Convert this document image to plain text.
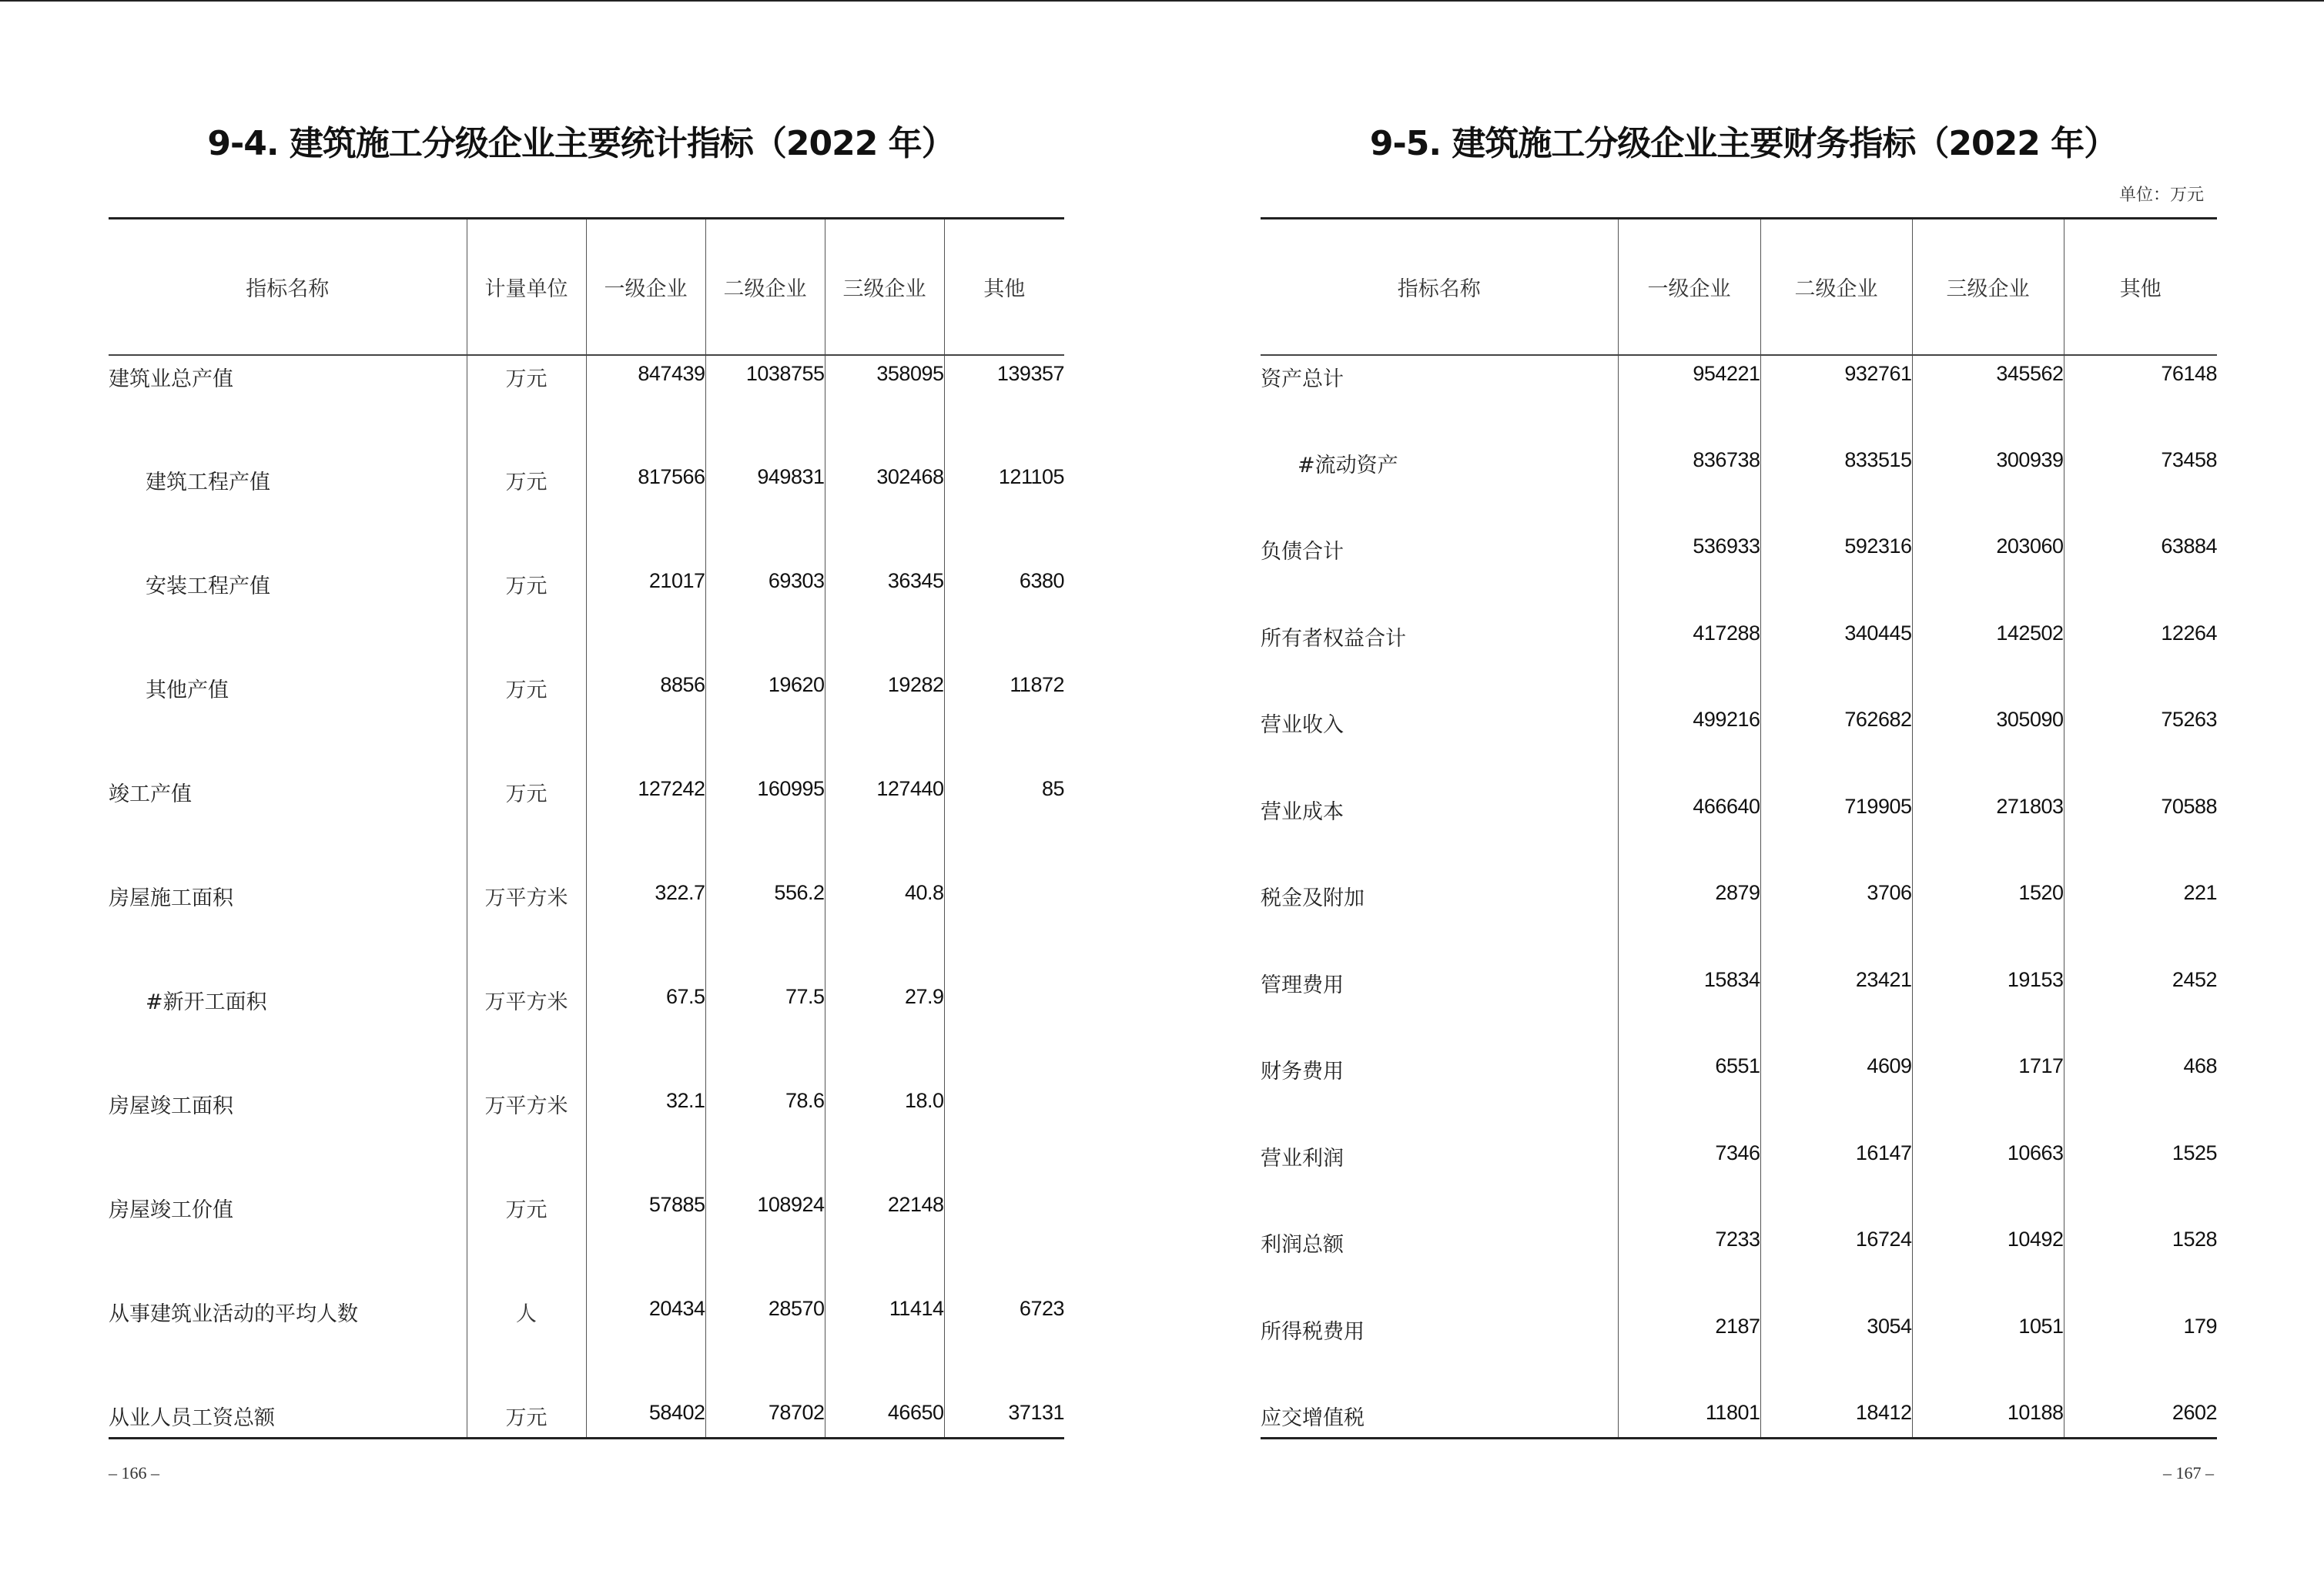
9-4. 建筑施工分级企业主要统计指标（2022 年）
指标名称	计量单位	一级企业	二级企业	三级企业	其他
建筑业总产值	万元	847439	1038755	358095	139357
建筑工程产值	万元	817566	949831	302468	121105
安装工程产值	万元	21017	69303	36345	6380
其他产值	万元	8856	19620	19282	11872
竣工产值	万元	127242	160995	127440	85
房屋施工面积	万平方米	322.7	556.2	40.8	
#新开工面积	万平方米	67.5	77.5	27.9	
房屋竣工面积	万平方米	32.1	78.6	18.0	
房屋竣工价值	万元	57885	108924	22148	
从事建筑业活动的平均人数	人	20434	28570	11414	6723
从业人员工资总额	万元	58402	78702	46650	37131
– 166 –
9-5. 建筑施工分级企业主要财务指标（2022 年）
单位：万元
指标名称	一级企业	二级企业	三级企业	其他
资产总计	954221	932761	345562	76148
#流动资产	836738	833515	300939	73458
负债合计	536933	592316	203060	63884
所有者权益合计	417288	340445	142502	12264
营业收入	499216	762682	305090	75263
营业成本	466640	719905	271803	70588
税金及附加	2879	3706	1520	221
管理费用	15834	23421	19153	2452
财务费用	6551	4609	1717	468
营业利润	7346	16147	10663	1525
利润总额	7233	16724	10492	1528
所得税费用	2187	3054	1051	179
应交增值税	11801	18412	10188	2602
– 167 –
